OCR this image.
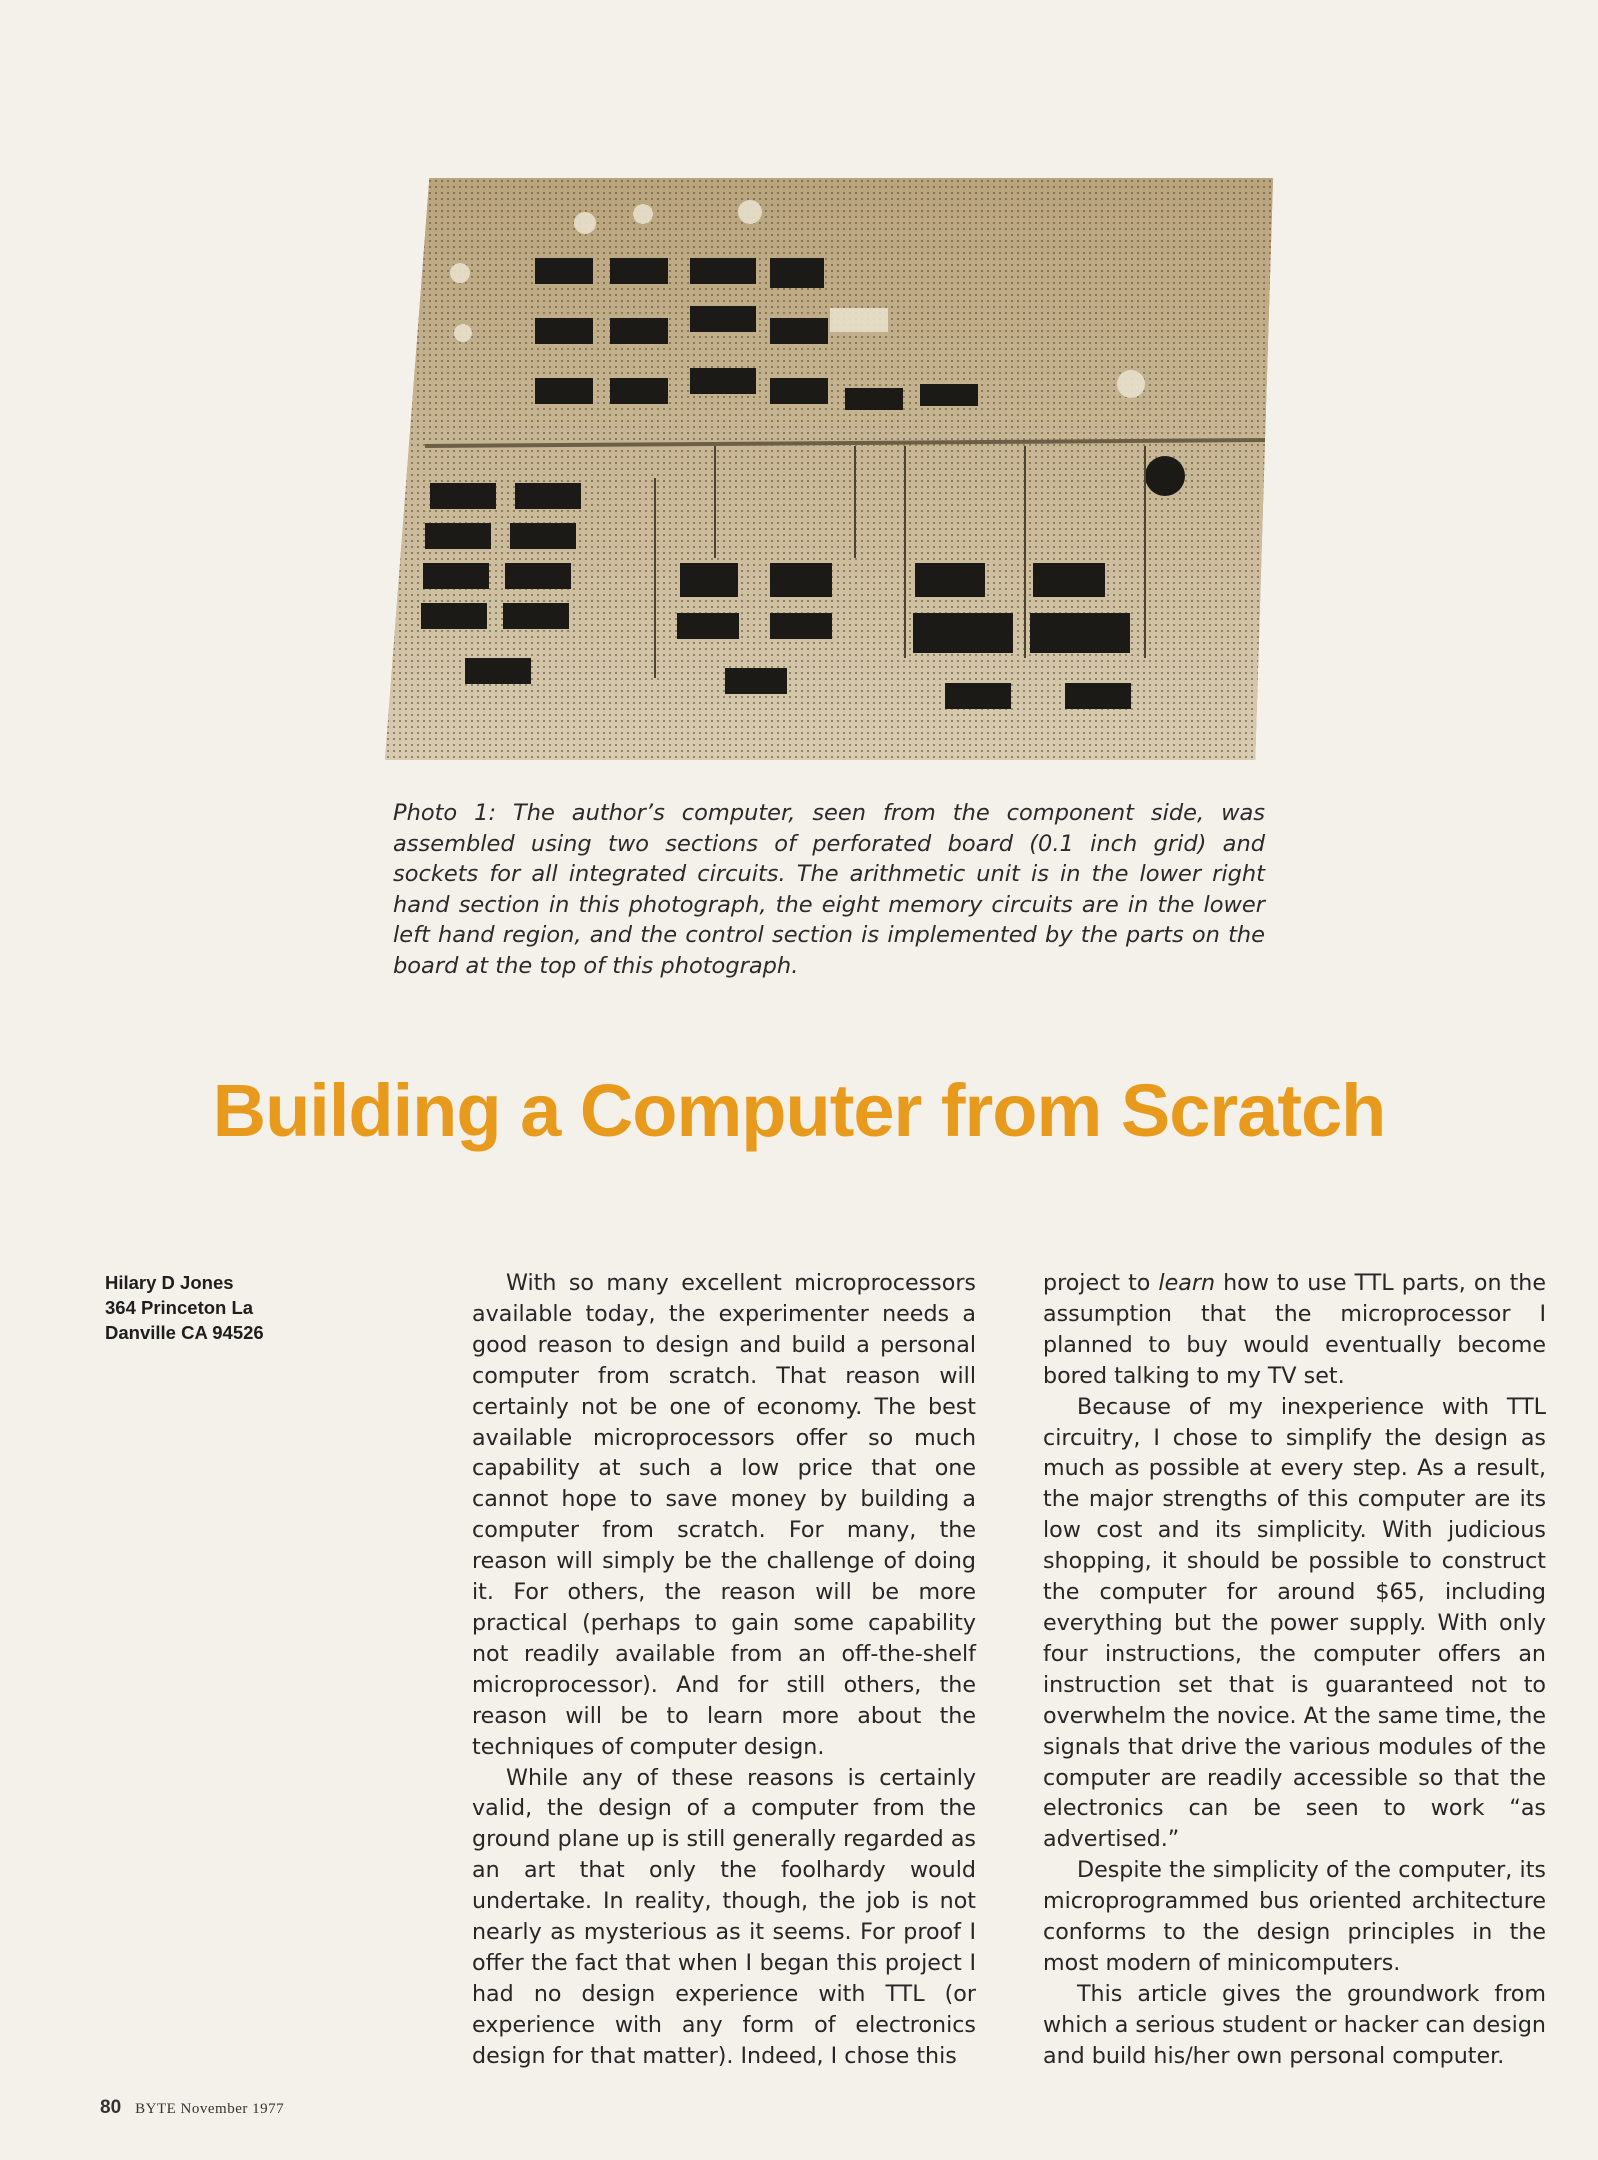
Photo 1: The author’s computer, seen from the component side, was assembled using two sections of perforated board (0.1 inch grid) and sockets for all integrated circuits. The arithmetic unit is in the lower right hand section in this photograph, the eight memory circuits are in the lower left hand region, and the control section is implemented by the parts on the board at the top of this photograph.
Building a Computer from Scratch
Hilary D Jones
364 Princeton La
Danville CA 94526

With so many excellent microprocessors available today, the experimenter needs a good reason to design and build a personal computer from scratch. That reason will certainly not be one of economy. The best available microprocessors offer so much capability at such a low price that one cannot hope to save money by building a computer from scratch. For many, the reason will simply be the challenge of doing it. For others, the reason will be more practical (perhaps to gain some capability not readily available from an off-the-shelf microprocessor). And for still others, the reason will be to learn more about the techniques of computer design.

While any of these reasons is certainly valid, the design of a computer from the ground plane up is still generally regarded as an art that only the foolhardy would undertake. In reality, though, the job is not nearly as mysterious as it seems. For proof I offer the fact that when I began this project I had no design experience with TTL (or experience with any form of electronics design for that matter). Indeed, I chose this

project to learn how to use TTL parts, on the assumption that the microprocessor I planned to buy would eventually become bored talking to my TV set.

Because of my inexperience with TTL circuitry, I chose to simplify the design as much as possible at every step. As a result, the major strengths of this computer are its low cost and its simplicity. With judicious shopping, it should be possible to construct the computer for around $65, including everything but the power supply. With only four instructions, the computer offers an instruction set that is guaranteed not to overwhelm the novice. At the same time, the signals that drive the various modules of the computer are readily accessible so that the electronics can be seen to work “as advertised.”

Despite the simplicity of the computer, its microprogrammed bus oriented architecture conforms to the design principles in the most modern of minicomputers.

This article gives the groundwork from which a serious student or hacker can design and build his/her own personal computer.

80 BYTE November 1977
